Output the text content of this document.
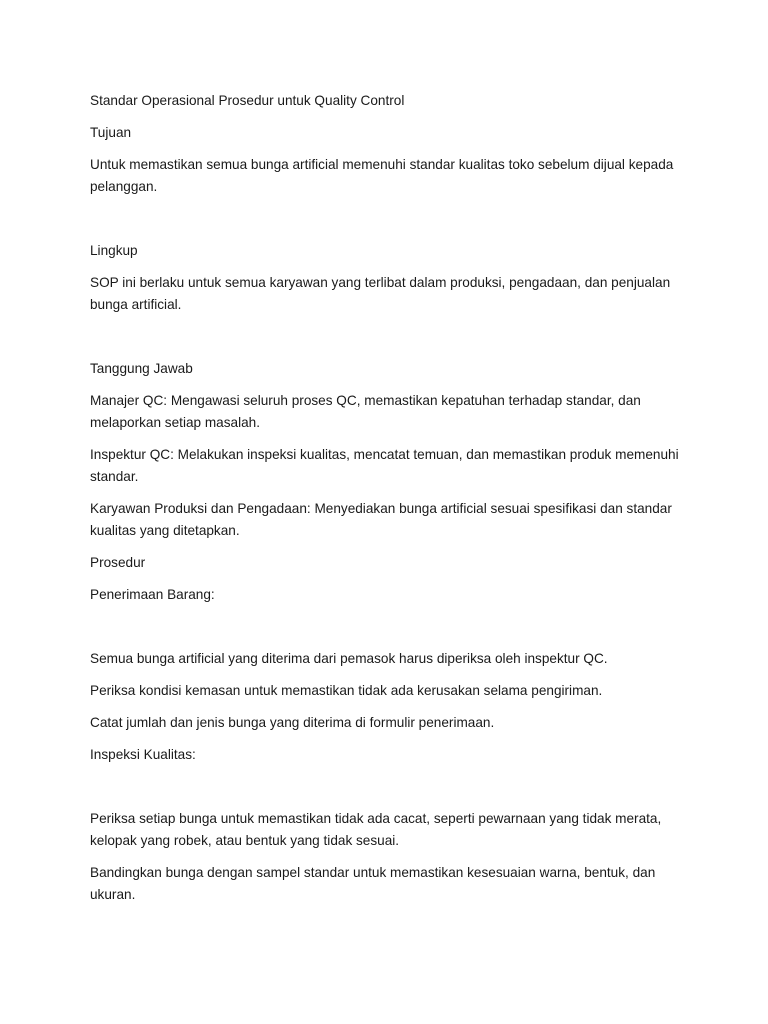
Standar Operasional Prosedur untuk Quality Control

Tujuan

Untuk memastikan semua bunga artificial memenuhi standar kualitas toko sebelum dijual kepada pelanggan.

Lingkup

SOP ini berlaku untuk semua karyawan yang terlibat dalam produksi, pengadaan, dan penjualan bunga artificial.

Tanggung Jawab

Manajer QC: Mengawasi seluruh proses QC, memastikan kepatuhan terhadap standar, dan melaporkan setiap masalah.

Inspektur QC: Melakukan inspeksi kualitas, mencatat temuan, dan memastikan produk memenuhi standar.

Karyawan Produksi dan Pengadaan: Menyediakan bunga artificial sesuai spesifikasi dan standar kualitas yang ditetapkan.

Prosedur

Penerimaan Barang:

Semua bunga artificial yang diterima dari pemasok harus diperiksa oleh inspektur QC.

Periksa kondisi kemasan untuk memastikan tidak ada kerusakan selama pengiriman.

Catat jumlah dan jenis bunga yang diterima di formulir penerimaan.

Inspeksi Kualitas:

Periksa setiap bunga untuk memastikan tidak ada cacat, seperti pewarnaan yang tidak merata, kelopak yang robek, atau bentuk yang tidak sesuai.

Bandingkan bunga dengan sampel standar untuk memastikan kesesuaian warna, bentuk, dan ukuran.
